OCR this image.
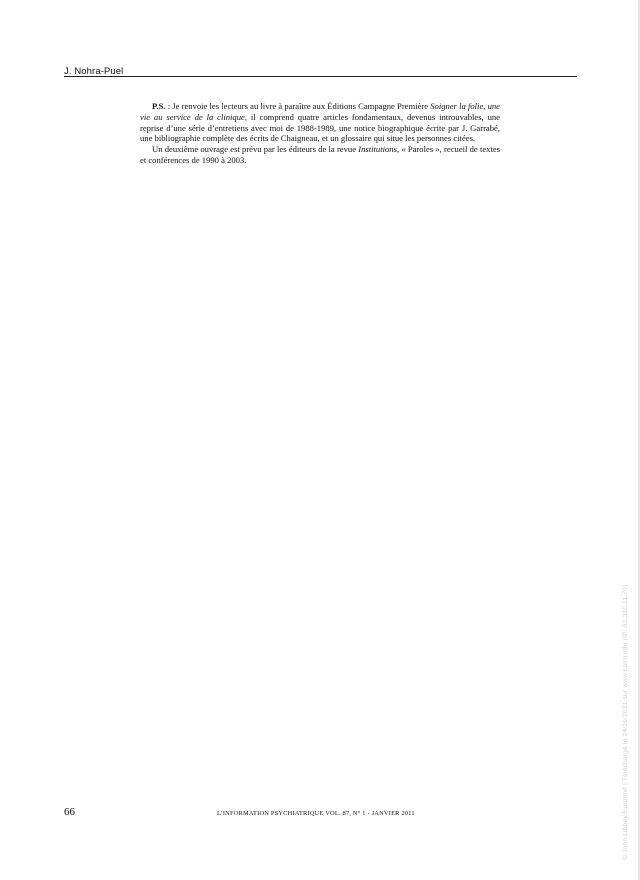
J. Nohra-Puel

P.S. : Je renvoie les lecteurs au livre à paraître aux Éditions Campagne Première Soigner la folie, une vie au service de la clinique, il comprend quatre articles fondamentaux, devenus introuvables, une reprise d’une série d’entretiens avec moi de 1988-1989, une notice biographique écrite par J. Garrabé, une bibliographie complète des écrits de Chaigneau, et un glossaire qui situe les personnes citées.

Un deuxième ouvrage est prévu par les éditeurs de la revue Institutions, « Paroles », recueil de textes et conférences de 1990 à 2003.

66	L’INFORMATION PSYCHIATRIQUE VOL. 87, N° 1 - JANVIER 2011	© John Libbey Eurotext | Téléchargé le 24/10/2021 sur www.cairn.info (IP: 62.210.11.70)
